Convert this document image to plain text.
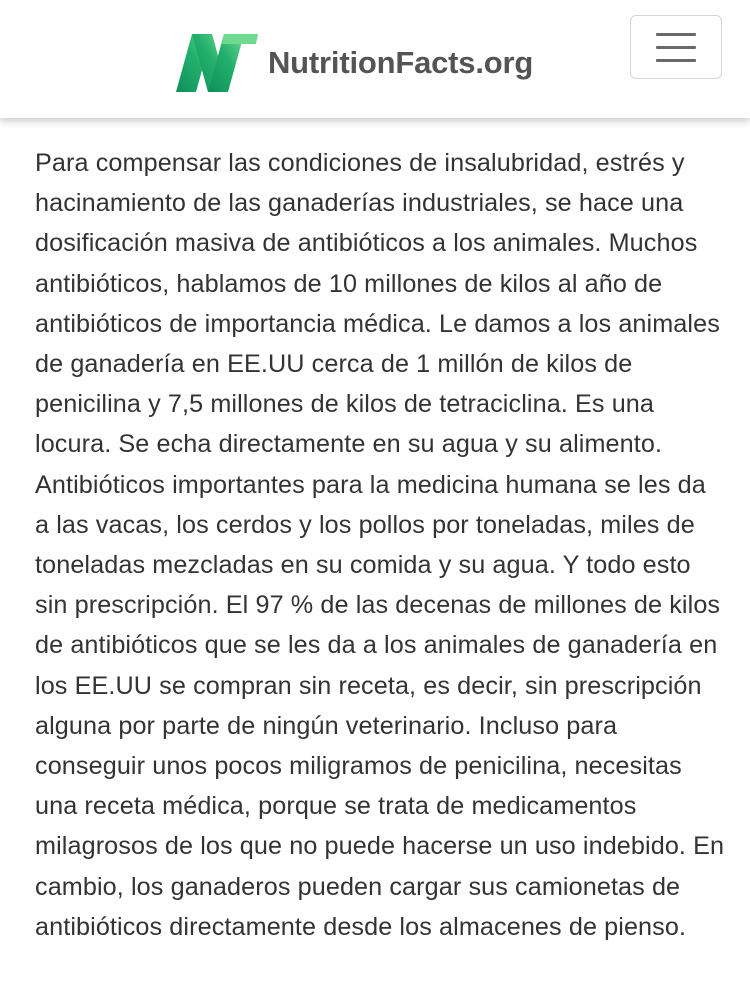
NutritionFacts.org

Para compensar las condiciones de insalubridad, estrés y hacinamiento de las ganaderías industriales, se hace una dosificación masiva de antibióticos a los animales. Muchos antibióticos, hablamos de 10 millones de kilos al año de antibióticos de importancia médica. Le damos a los animales de ganadería en EE.UU cerca de 1 millón de kilos de penicilina y 7,5 millones de kilos de tetraciclina. Es una locura. Se echa directamente en su agua y su alimento. Antibióticos importantes para la medicina humana se les da a las vacas, los cerdos y los pollos por toneladas, miles de toneladas mezcladas en su comida y su agua. Y todo esto sin prescripción. El 97 % de las decenas de millones de kilos de antibióticos que se les da a los animales de ganadería en los EE.UU se compran sin receta, es decir, sin prescripción alguna por parte de ningún veterinario. Incluso para conseguir unos pocos miligramos de penicilina, necesitas una receta médica, porque se trata de medicamentos milagrosos de los que no puede hacerse un uso indebido. En cambio, los ganaderos pueden cargar sus camionetas de antibióticos directamente desde los almacenes de pienso.
